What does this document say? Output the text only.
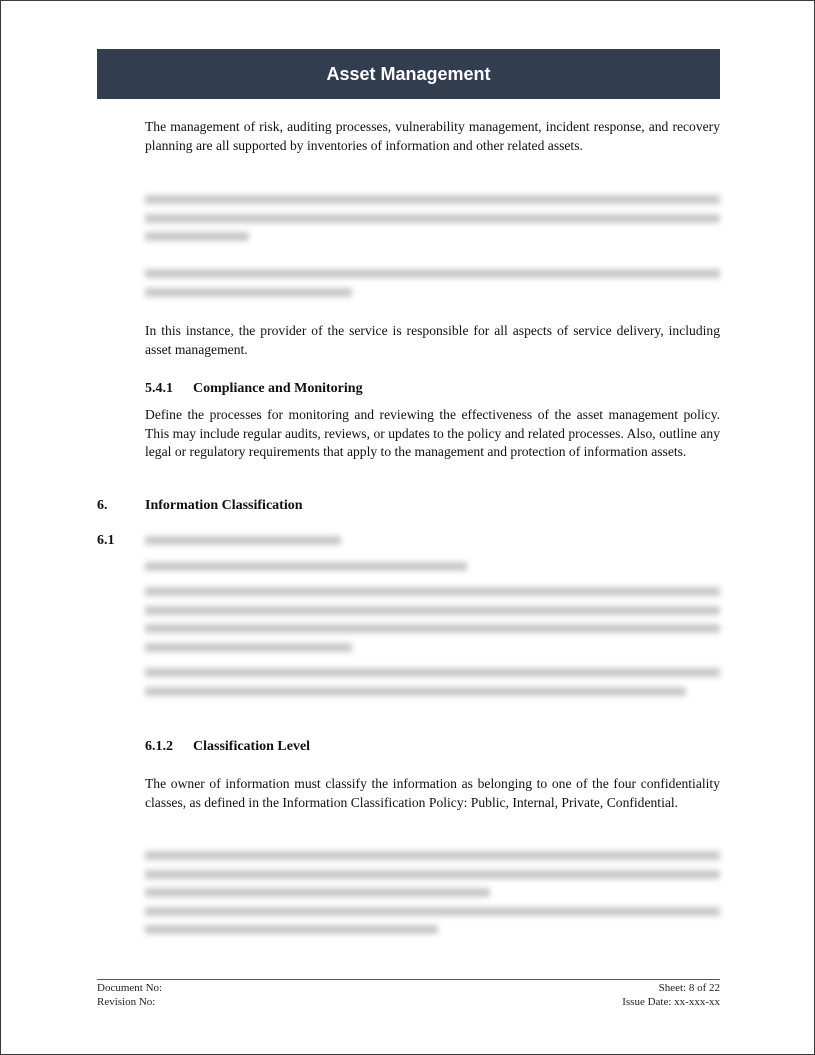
Asset Management
The management of risk, auditing processes, vulnerability management, incident response, and recovery planning are all supported by inventories of information and other related assets.
In this instance, the provider of the service is responsible for all aspects of service delivery, including asset management.
5.4.1 Compliance and Monitoring
Define the processes for monitoring and reviewing the effectiveness of the asset management policy. This may include regular audits, reviews, or updates to the policy and related processes. Also, outline any legal or regulatory requirements that apply to the management and protection of information assets.
6.	Information Classification
6.1
6.1.2 Classification Level
The owner of information must classify the information as belonging to one of the four confidentiality classes, as defined in the Information Classification Policy: Public, Internal, Private, Confidential.
Document No:
Revision No:
Sheet: 8 of 22
Issue Date: xx-xxx-xx
